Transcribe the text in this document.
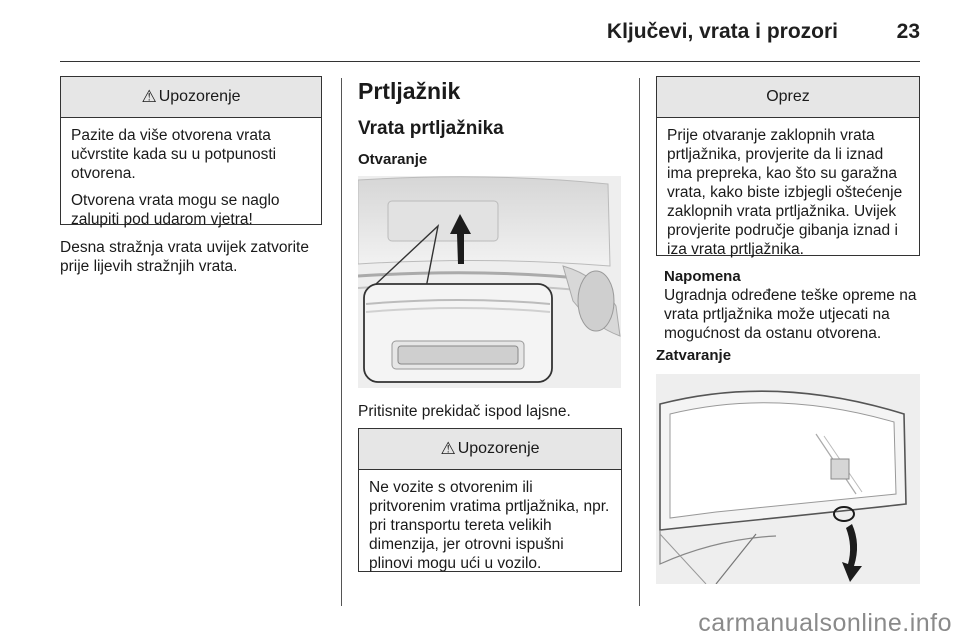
Ključevi, vrata i prozori	23
⚠ Upozorenje

Pazite da više otvorena vrata učvrstite kada su u potpunosti otvorena.

Otvorena vrata mogu se naglo zalupiti pod udarom vjetra!

Desna stražnja vrata uvijek zatvorite prije lijevih stražnjih vrata.

Prtljažnik
Vrata prtljažnika
Otvaranje

Pritisnite prekidač ispod lajsne.

⚠ Upozorenje

Ne vozite s otvorenim ili pritvorenim vratima prtljažnika, npr. pri transportu tereta velikih dimenzija, jer otrovni ispušni plinovi mogu ući u vozilo.

Oprez

Prije otvaranje zaklopnih vrata prtljažnika, provjerite da li iznad ima prepreka, kao što su garažna vrata, kako biste izbjegli oštećenje zaklopnih vrata prtljažnika. Uvijek provjerite područje gibanja iznad i iza vrata prtljažnika.

Napomena

Ugradnja određene teške opreme na vrata prtljažnika može utjecati na mogućnost da ostanu otvorena.

Zatvaranje
carmanualsonline.info
